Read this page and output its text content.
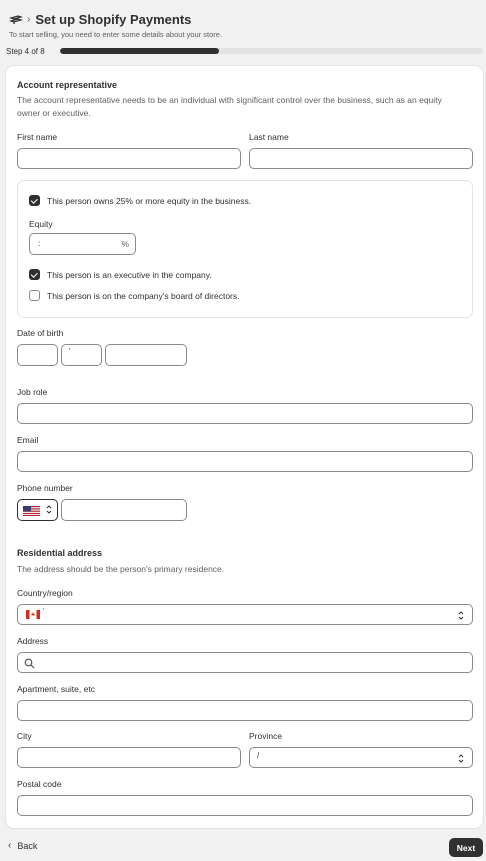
› Set up Shopify Payments
To start selling, you need to enter some details about your store.
Step 4 of 8
Account representative
The account representative needs to be an individual with significant control over the business, such as an equity owner or executive.
First name	Last name
This person owns 25% or more equity in the business.
Equity
:	%
This person is an executive in the company.
This person is on the company's board of directors.
Date of birth
'
Job role
Email
Phone number
Residential address
The address should be the person's primary residence.
Country/region
'
Address
Apartment, suite, etc
City	Province
/
Postal code
‹ Back	Next
